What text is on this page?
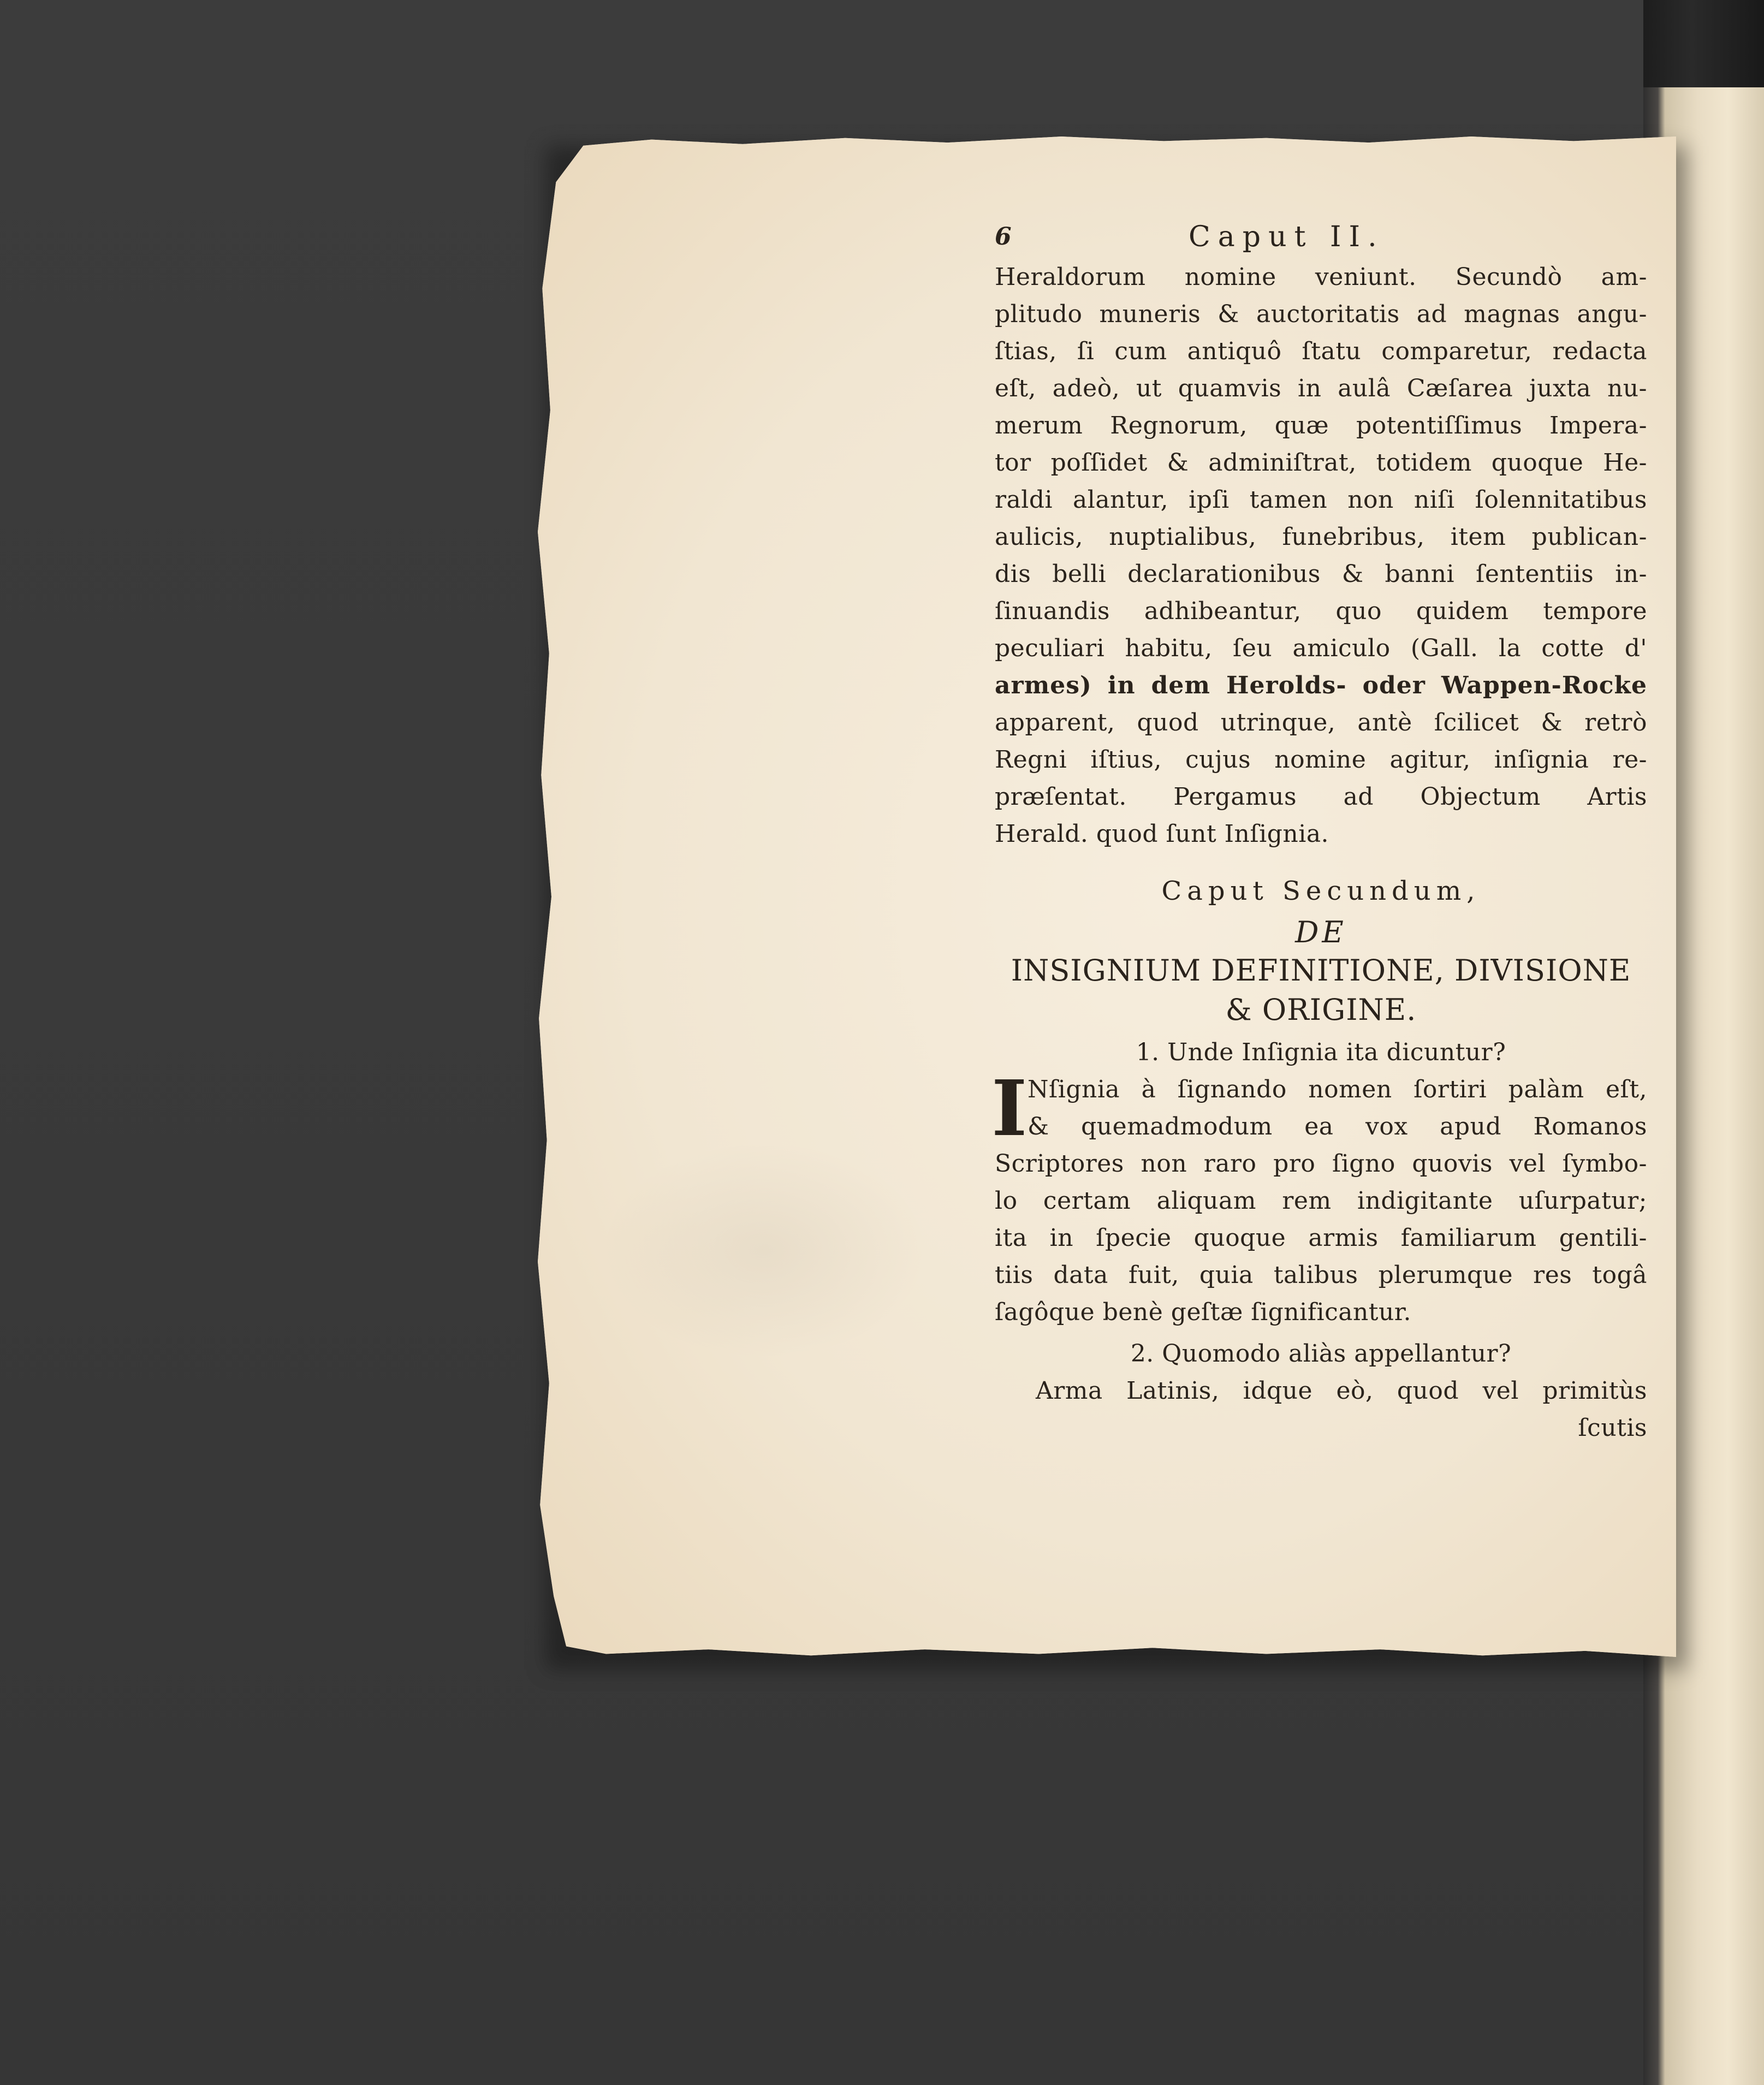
6	Caput II.
Heraldorum nomine veniunt. Secundò am-
plitudo muneris & auctoritatis ad magnas angu-
ſtias, ſi cum antiquô ſtatu comparetur, redacta
eſt, adeò, ut quamvis in aulâ Cæſarea juxta nu-
merum Regnorum, quæ potentiſſimus Impera-
tor poſſidet & adminiſtrat, totidem quoque He-
raldi alantur, ipſi tamen non niſi ſolennitatibus
aulicis, nuptialibus, funebribus, item publican-
dis belli declarationibus & banni ſententiis in-
ſinuandis adhibeantur, quo quidem tempore
peculiari habitu, ſeu amiculo (Gall. la cotte d'
armes) in dem Herolds- oder Wappen-Rocke
apparent, quod utrinque, antè ſcilicet & retrò
Regni iſtius, cujus nomine agitur, inſignia re-
præſentat. Pergamus ad Objectum Artis
Herald. quod ſunt Inſignia.
Caput Secundum,
DE
INSIGNIUM DEFINITIONE, DIVISIONE
& ORIGINE.
1. Unde Inſignia ita dicuntur?
I Nſignia à ſignando nomen ſortiri palàm eſt,
& quemadmodum ea vox apud Romanos
Scriptores non raro pro ſigno quovis vel ſymbo-
lo certam aliquam rem indigitante uſurpatur;
ita in ſpecie quoque armis familiarum gentili-
tiis data fuit, quia talibus plerumque res togâ
ſagôque benè geſtæ ſignificantur.
2. Quomodo aliàs appellantur?
Arma Latinis, idque eò, quod vel primitùs
ſcutis
